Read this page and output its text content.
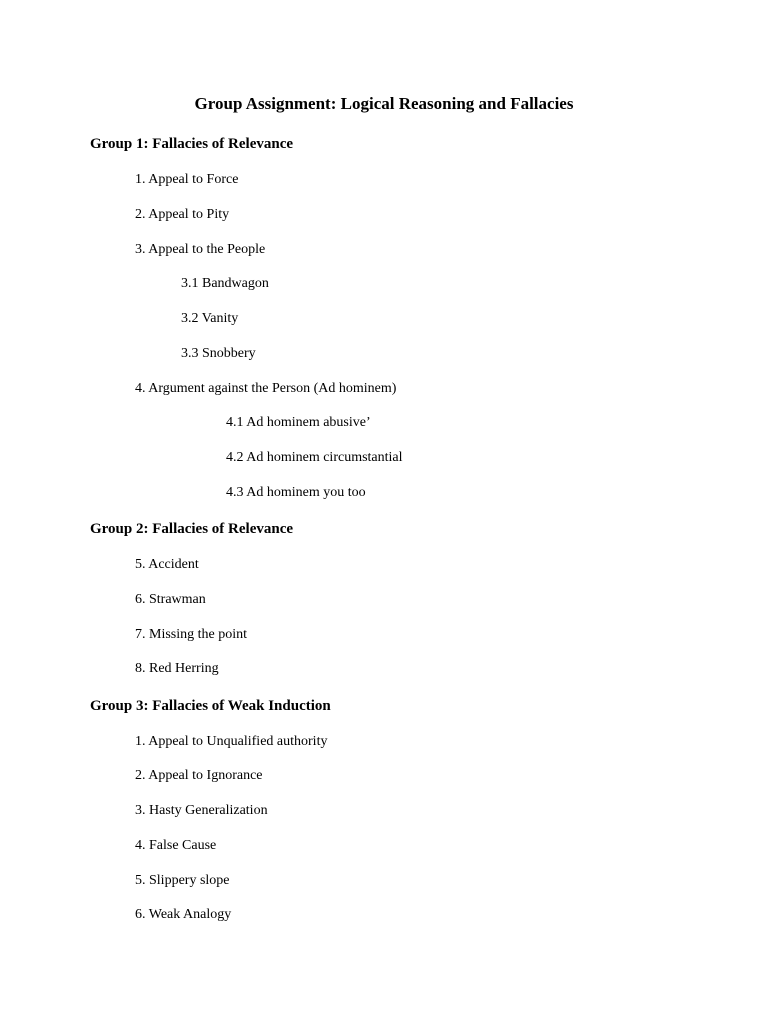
Group Assignment: Logical Reasoning and Fallacies
Group 1: Fallacies of Relevance
1. Appeal to Force
2. Appeal to Pity
3. Appeal to the People
3.1 Bandwagon
3.2 Vanity
3.3 Snobbery
4. Argument against the Person (Ad hominem)
4.1 Ad hominem abusive’
4.2 Ad hominem circumstantial
4.3 Ad hominem you too
Group 2: Fallacies of Relevance
5. Accident
6. Strawman
7. Missing the point
8. Red Herring
Group 3: Fallacies of Weak Induction
1. Appeal to Unqualified authority
2. Appeal to Ignorance
3. Hasty Generalization
4. False Cause
5. Slippery slope
6. Weak Analogy
